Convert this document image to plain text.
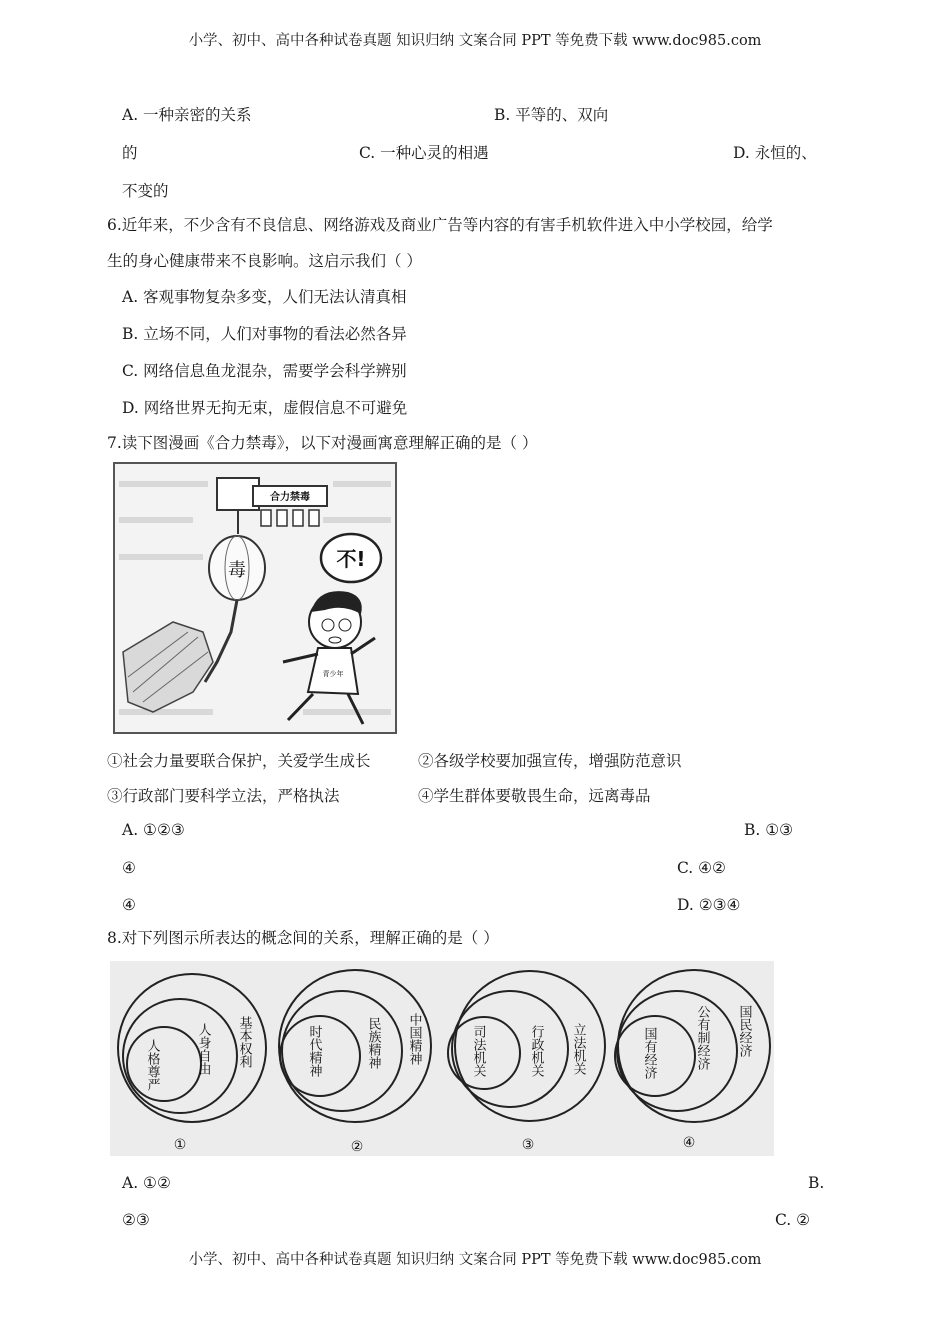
小学、初中、高中各种试卷真题 知识归纳 文案合同 PPT 等免费下载 www.doc985.com
小学、初中、高中各种试卷真题 知识归纳 文案合同 PPT 等免费下载 www.doc985.com
A. 一种亲密的关系	B. 平等的、双向
的	C. 一种心灵的相遇	D. 永恒的、
不变的
6.近年来，不少含有不良信息、网络游戏及商业广告等内容的有害手机软件进入中小学校园，给学
生的身心健康带来不良影响。这启示我们（ ）
A. 客观事物复杂多变，人们无法认清真相
B. 立场不同，人们对事物的看法必然各异
C. 网络信息鱼龙混杂，需要学会科学辨别
D. 网络世界无拘无束，虚假信息不可避免
7.读下图漫画《合力禁毒》，以下对漫画寓意理解正确的是（ ）
合力禁毒
毒	不!
青少年
①社会力量要联合保护，关爱学生成长	②各级学校要加强宣传，增强防范意识
③行政部门要科学立法，严格执法	④学生群体要敬畏生命，远离毒品
A. ①②③	B. ①③
④	C. ④②
④	D. ②③④
8.对下列图示所表达的概念间的关系，理解正确的是（ ）
人格尊严	人身自由 基本权利
①
时代精神	民族精神 中国精神
②
司法机关	行政机关 立法机关
③
国有经济	公有制经济 国民经济
④
A. ①②	B.
②③	C. ②
